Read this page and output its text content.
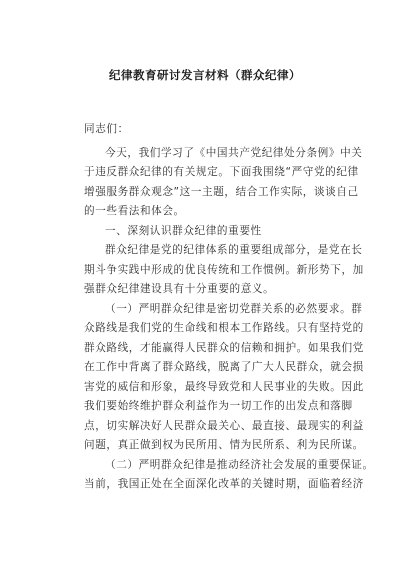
纪律教育研讨发言材料（群众纪律）
同志们：
今天，我们学习了《中国共产党纪律处分条例》中关
于违反群众纪律的有关规定。下面我围绕“严守党的纪律
增强服务群众观念”这一主题，结合工作实际，谈谈自己
的一些看法和体会。
一、深刻认识群众纪律的重要性
群众纪律是党的纪律体系的重要组成部分，是党在长
期斗争实践中形成的优良传统和工作惯例。新形势下，加
强群众纪律建设具有十分重要的意义。
（一）严明群众纪律是密切党群关系的必然要求。群
众路线是我们党的生命线和根本工作路线。只有坚持党的
群众路线，才能赢得人民群众的信赖和拥护。如果我们党
在工作中背离了群众路线，脱离了广大人民群众，就会损
害党的威信和形象，最终导致党和人民事业的失败。因此
我们要始终维护群众利益作为一切工作的出发点和落脚
点，切实解决好人民群众最关心、最直接、最现实的利益
问题，真正做到权为民所用、情为民所系、利为民所谋。
（二）严明群众纪律是推动经济社会发展的重要保证。
当前，我国正处在全面深化改革的关键时期，面临着经济
